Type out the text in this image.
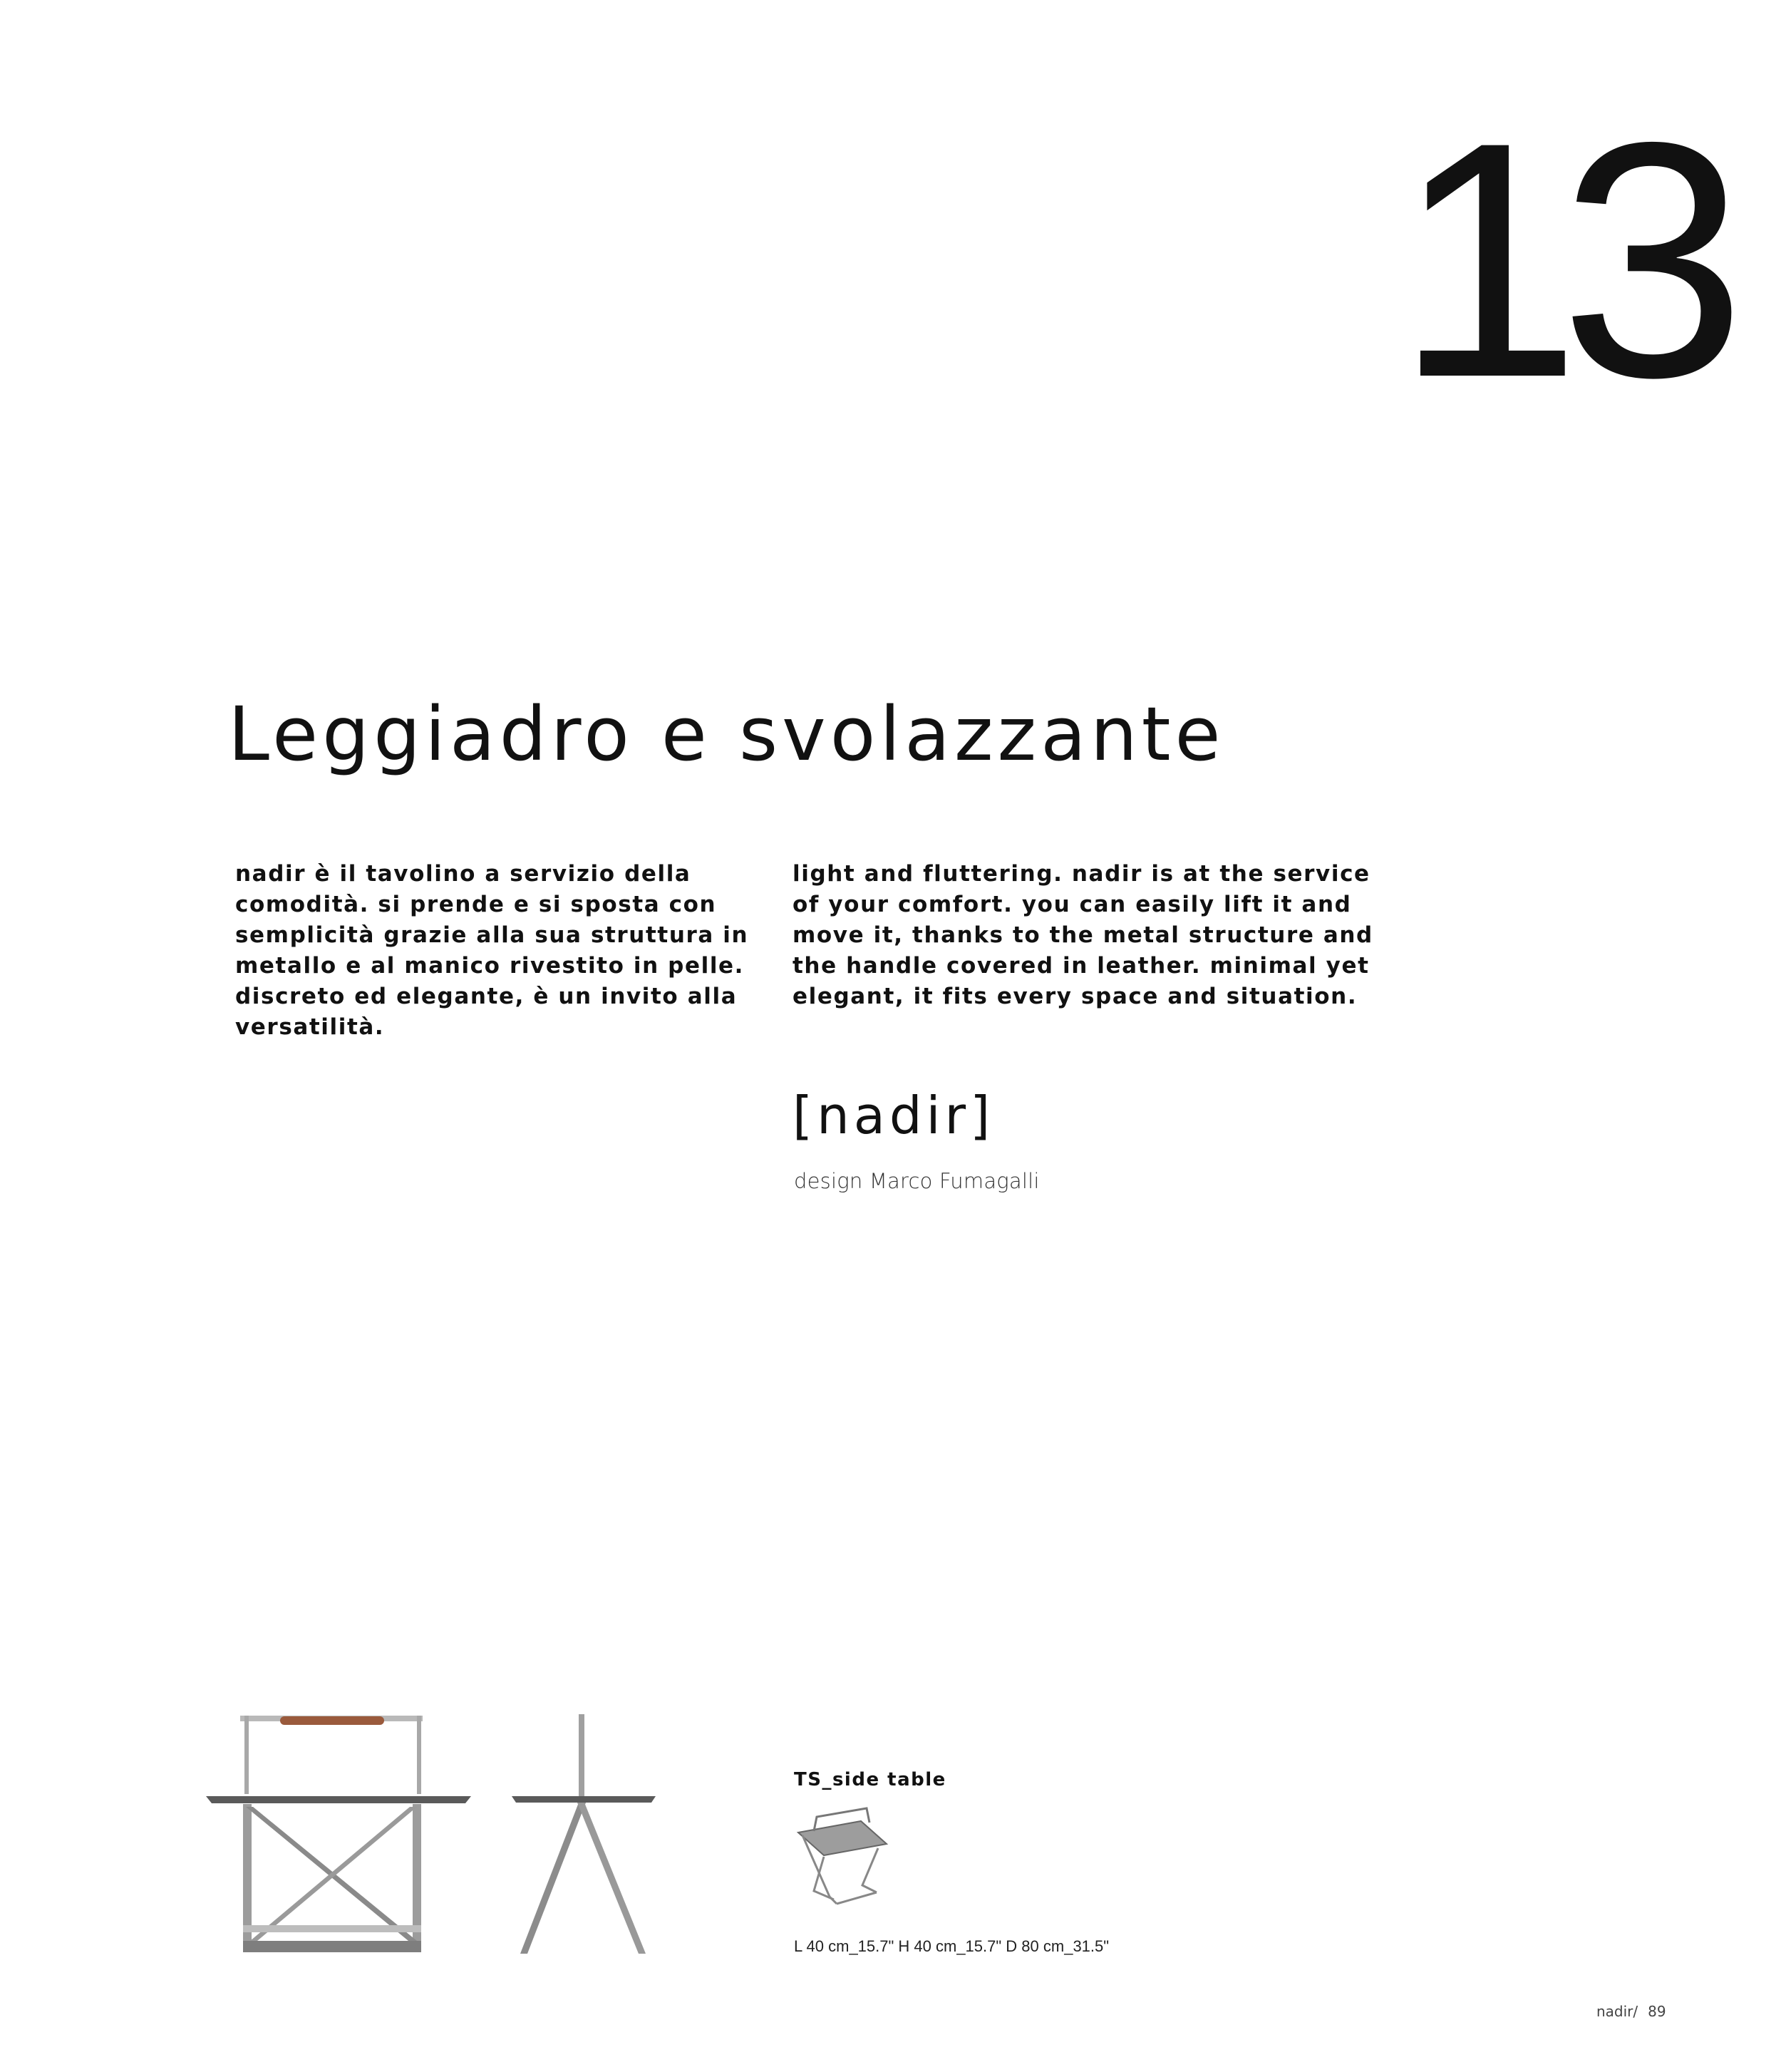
13
Leggiadro e svolazzante
nadir è il tavolino a servizio della
comodità. si prende e si sposta con
semplicità grazie alla sua struttura in
metallo e al manico rivestito in pelle.
discreto ed elegante, è un invito alla
versatilità.
light and fluttering. nadir is at the service
of your comfort. you can easily lift it and
move it, thanks to the metal structure and
the handle covered in leather. minimal yet
elegant, it fits every space and situation.
[nadir]
design Marco Fumagalli
TS_side table
L 40 cm_15.7" H 40 cm_15.7" D 80 cm_31.5"
nadir/ 89
